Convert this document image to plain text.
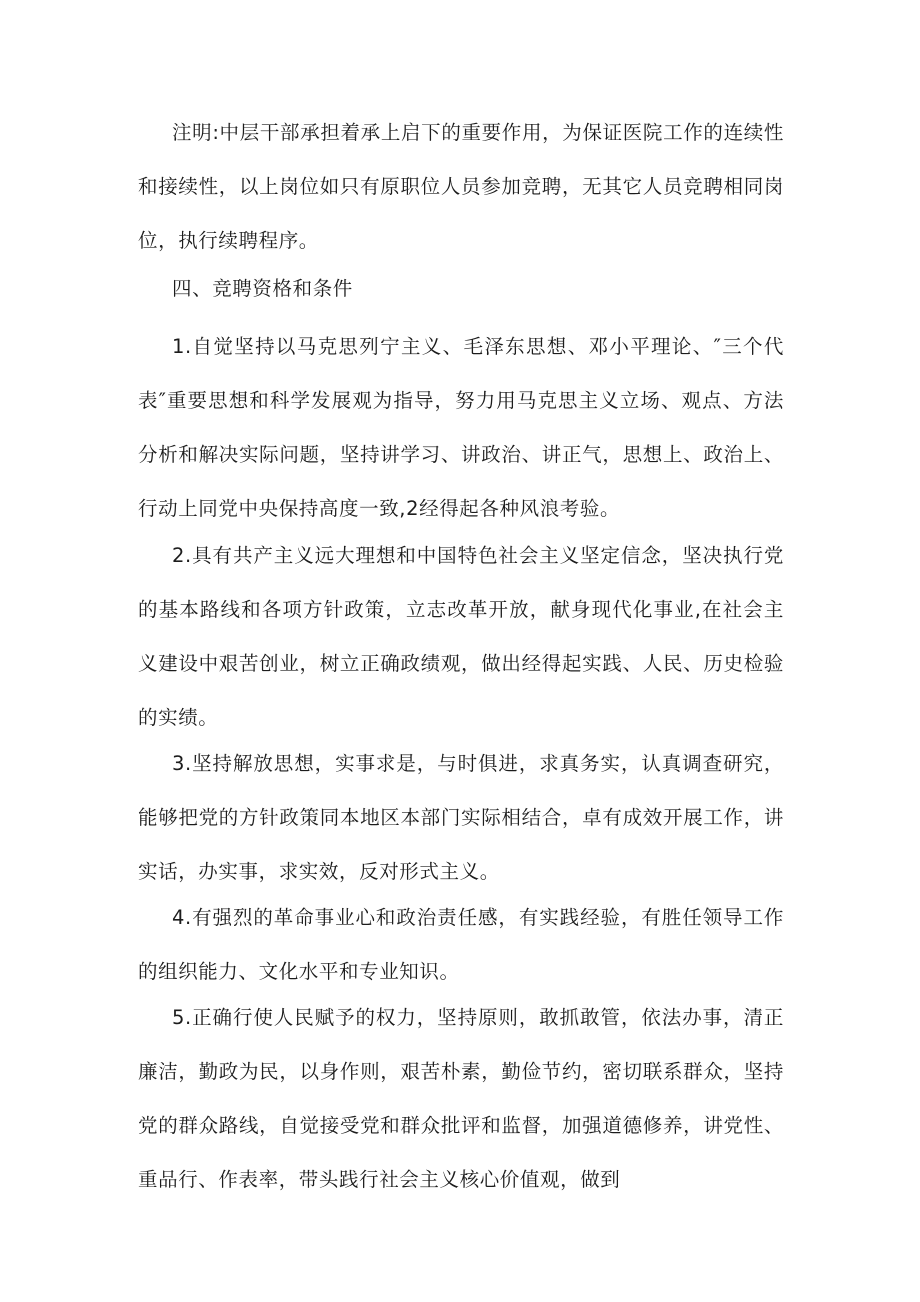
注明:中层干部承担着承上启下的重要作用，为保证医院工作的连续性和接续性，以上岗位如只有原职位人员参加竞聘，无其它人员竞聘相同岗位，执行续聘程序。

四、竞聘资格和条件

1.自觉坚持以马克思列宁主义、毛泽东思想、邓小平理论、″三个代表″重要思想和科学发展观为指导，努力用马克思主义立场、观点、方法分析和解决实际问题，坚持讲学习、讲政治、讲正气，思想上、政治上、行动上同党中央保持高度一致,2经得起各种风浪考验。

2.具有共产主义远大理想和中国特色社会主义坚定信念，坚决执行党的基本路线和各项方针政策，立志改革开放，献身现代化事业,在社会主义建设中艰苦创业，树立正确政绩观，做出经得起实践、人民、历史检验的实绩。

3.坚持解放思想，实事求是，与时俱进，求真务实，认真调查研究，能够把党的方针政策同本地区本部门实际相结合，卓有成效开展工作，讲实话，办实事，求实效，反对形式主义。

4.有强烈的革命事业心和政治责任感，有实践经验，有胜任领导工作的组织能力、文化水平和专业知识。

5.正确行使人民赋予的权力，坚持原则，敢抓敢管，依法办事，清正廉洁，勤政为民，以身作则，艰苦朴素，勤俭节约，密切联系群众，坚持党的群众路线，自觉接受党和群众批评和监督，加强道德修养，讲党性、重品行、作表率，带头践行社会主义核心价值观，做到
